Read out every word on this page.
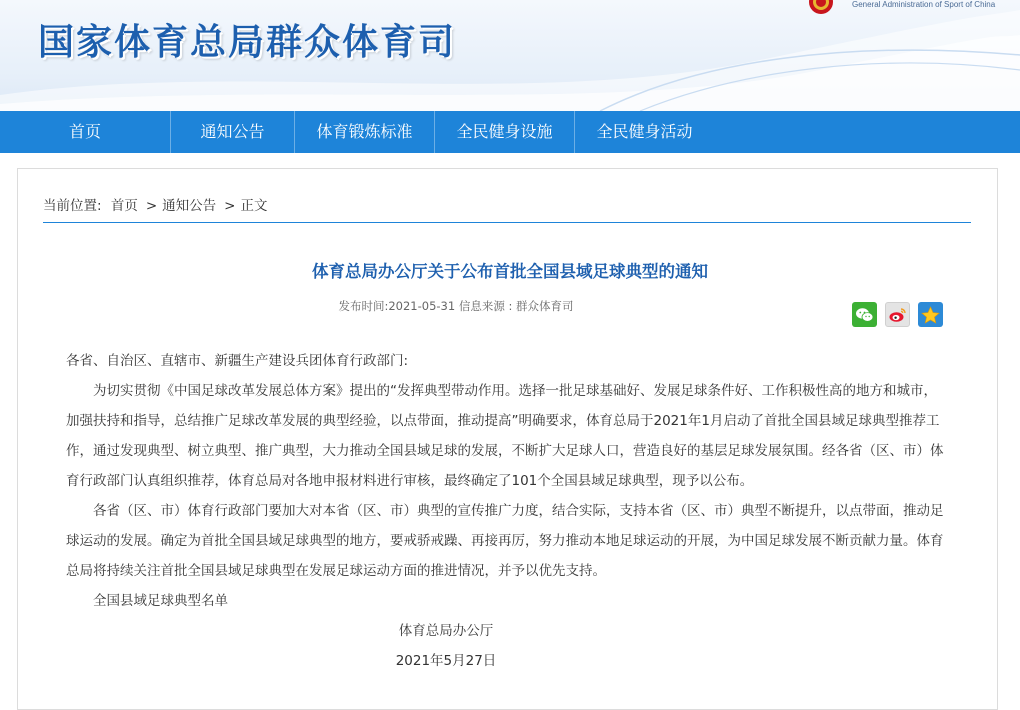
国家体育总局群众体育司
General Administration of Sport of China
首页	通知公告	体育锻炼标准	全民健身设施	全民健身活动
当前位置: 首页 > 通知公告 > 正文
体育总局办公厅关于公布首批全国县域足球典型的通知
发布时间:2021-05-31 信息来源 : 群众体育司

各省、自治区、直辖市、新疆生产建设兵团体育行政部门:

为切实贯彻《中国足球改革发展总体方案》提出的“发挥典型带动作用。选择一批足球基础好、发展足球条件好、工作积极性高的地方和城市，加强扶持和指导，总结推广足球改革发展的典型经验，以点带面，推动提高”明确要求，体育总局于2021年1月启动了首批全国县域足球典型推荐工作，通过发现典型、树立典型、推广典型，大力推动全国县域足球的发展，不断扩大足球人口，营造良好的基层足球发展氛围。经各省（区、市）体育行政部门认真组织推荐，体育总局对各地申报材料进行审核，最终确定了101个全国县域足球典型，现予以公布。

各省（区、市）体育行政部门要加大对本省（区、市）典型的宣传推广力度，结合实际，支持本省（区、市）典型不断提升，以点带面，推动足球运动的发展。确定为首批全国县域足球典型的地方，要戒骄戒躁、再接再厉，努力推动本地足球运动的开展，为中国足球发展不断贡献力量。体育总局将持续关注首批全国县域足球典型在发展足球运动方面的推进情况，并予以优先支持。

全国县域足球典型名单

体育总局办公厅

2021年5月27日
